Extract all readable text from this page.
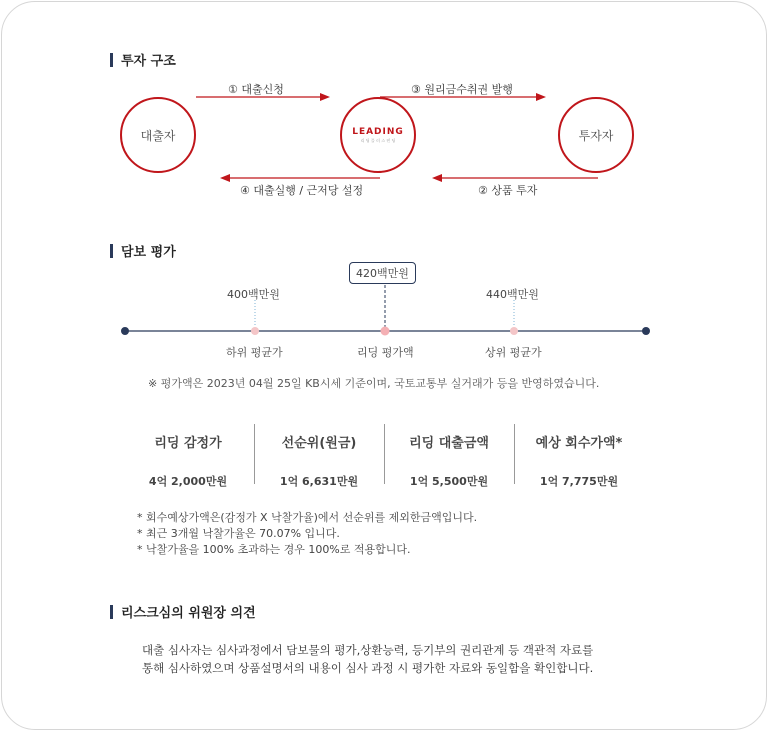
투자 구조
대출자	LEADING
리 딩 플 러 스 펀 딩	투자자
① 대출신청	③ 원리금수취권 발행
④ 대출실행 / 근저당 설정	② 상품 투자
담보 평가
400백만원
420백만원
440백만원
하위 평균가	리딩 평가액	상위 평균가
※ 평가액은 2023년 04월 25일 KB시세 기준이며, 국토교통부 실거래가 등을 반영하였습니다.
리딩 감정가
4억 2,000만원
선순위(원금)
1억 6,631만원
리딩 대출금액
1억 5,500만원
예상 회수가액*
1억 7,775만원
* 회수예상가액은(감정가 X 낙찰가율)에서 선순위를 제외한금액입니다.
* 최근 3개월 낙찰가율은 70.07% 입니다.
* 낙찰가율을 100% 초과하는 경우 100%로 적용합니다.
리스크심의 위원장 의견
대출 심사자는 심사과정에서 담보물의 평가,상환능력, 등기부의 권리관계 등 객관적 자료를
통해 심사하였으며 상품설명서의 내용이 심사 과정 시 평가한 자료와 동일함을 확인합니다.
